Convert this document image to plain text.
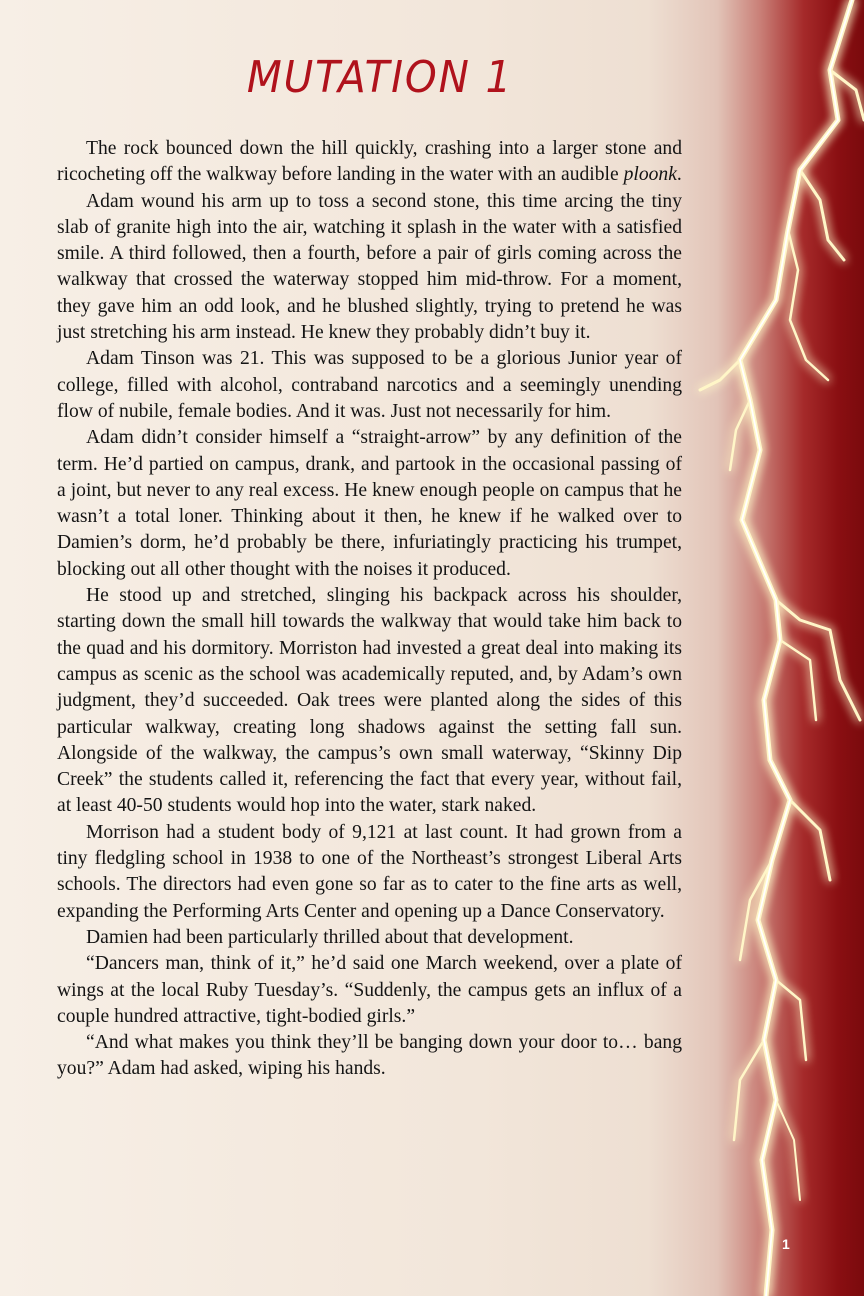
MUTATION 1

The rock bounced down the hill quickly, crashing into a larger stone and ricocheting off the walkway before landing in the water with an audible ploonk.

Adam wound his arm up to toss a second stone, this time arcing the tiny slab of granite high into the air, watching it splash in the water with a satisfied smile. A third followed, then a fourth, before a pair of girls coming across the walkway that crossed the waterway stopped him mid-throw. For a moment, they gave him an odd look, and he blushed slightly, trying to pretend he was just stretching his arm instead. He knew they probably didn’t buy it.

Adam Tinson was 21. This was supposed to be a glorious Junior year of college, filled with alcohol, contraband narcotics and a seemingly unending flow of nubile, female bodies. And it was. Just not necessarily for him.

Adam didn’t consider himself a “straight-arrow” by any definition of the term. He’d partied on campus, drank, and partook in the occasional passing of a joint, but never to any real excess. He knew enough people on campus that he wasn’t a total loner. Thinking about it then, he knew if he walked over to Damien’s dorm, he’d probably be there, infuriatingly practicing his trumpet, blocking out all other thought with the noises it produced.

He stood up and stretched, slinging his backpack across his shoulder, starting down the small hill towards the walkway that would take him back to the quad and his dormitory. Morriston had invested a great deal into making its campus as scenic as the school was academically reputed, and, by Adam’s own judgment, they’d succeeded. Oak trees were planted along the sides of this particular walkway, creating long shadows against the setting fall sun. Alongside of the walkway, the campus’s own small waterway, “Skinny Dip Creek” the students called it, referencing the fact that every year, without fail, at least 40-50 students would hop into the water, stark naked.

Morrison had a student body of 9,121 at last count. It had grown from a tiny fledgling school in 1938 to one of the Northeast’s strongest Liberal Arts schools. The directors had even gone so far as to cater to the fine arts as well, expanding the Performing Arts Center and opening up a Dance Conservatory.

Damien had been particularly thrilled about that development.

“Dancers man, think of it,” he’d said one March weekend, over a plate of wings at the local Ruby Tuesday’s. “Suddenly, the campus gets an influx of a couple hundred attractive, tight-bodied girls.”

“And what makes you think they’ll be banging down your door to… bang you?” Adam had asked, wiping his hands.

1
